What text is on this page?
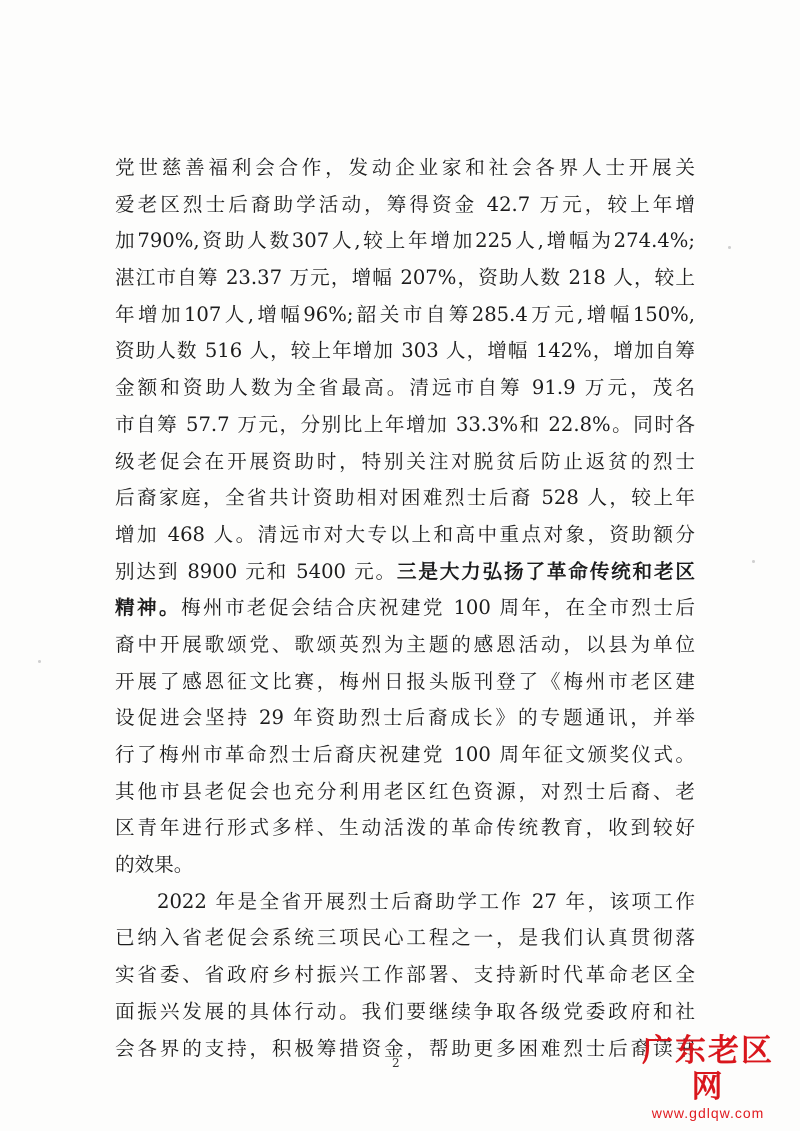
党世慈善福利会合作，发动企业家和社会各界人士开展关
爱老区烈士后裔助学活动，筹得资金 42.7 万元，较上年增
加790%,资助人数307人,较上年增加225人,增幅为274.4%;
湛江市自筹 23.37 万元，增幅 207%，资助人数 218 人，较上
年增加107人,增幅96%;韶关市自筹285.4万元,增幅150%,
资助人数 516 人，较上年增加 303 人，增幅 142%，增加自筹
金额和资助人数为全省最高。清远市自筹 91.9 万元，茂名
市自筹 57.7 万元，分别比上年增加 33.3%和 22.8%。同时各
级老促会在开展资助时，特别关注对脱贫后防止返贫的烈士
后裔家庭，全省共计资助相对困难烈士后裔 528 人，较上年
增加 468 人。清远市对大专以上和高中重点对象，资助额分
别达到 8900 元和 5400 元。三是大力弘扬了革命传统和老区
精神。梅州市老促会结合庆祝建党 100 周年，在全市烈士后
裔中开展歌颂党、歌颂英烈为主题的感恩活动，以县为单位
开展了感恩征文比赛，梅州日报头版刊登了《梅州市老区建
设促进会坚持 29 年资助烈士后裔成长》的专题通讯，并举
行了梅州市革命烈士后裔庆祝建党 100 周年征文颁奖仪式。
其他市县老促会也充分利用老区红色资源，对烈士后裔、老
区青年进行形式多样、生动活泼的革命传统教育，收到较好
的效果。
2022 年是全省开展烈士后裔助学工作 27 年，该项工作
已纳入省老促会系统三项民心工程之一，是我们认真贯彻落
实省委、省政府乡村振兴工作部署、支持新时代革命老区全
面振兴发展的具体行动。我们要继续争取各级党委政府和社
会各界的支持，积极筹措资金，帮助更多困难烈士后裔读书
2	广东老区网
www.gdlqw.com
